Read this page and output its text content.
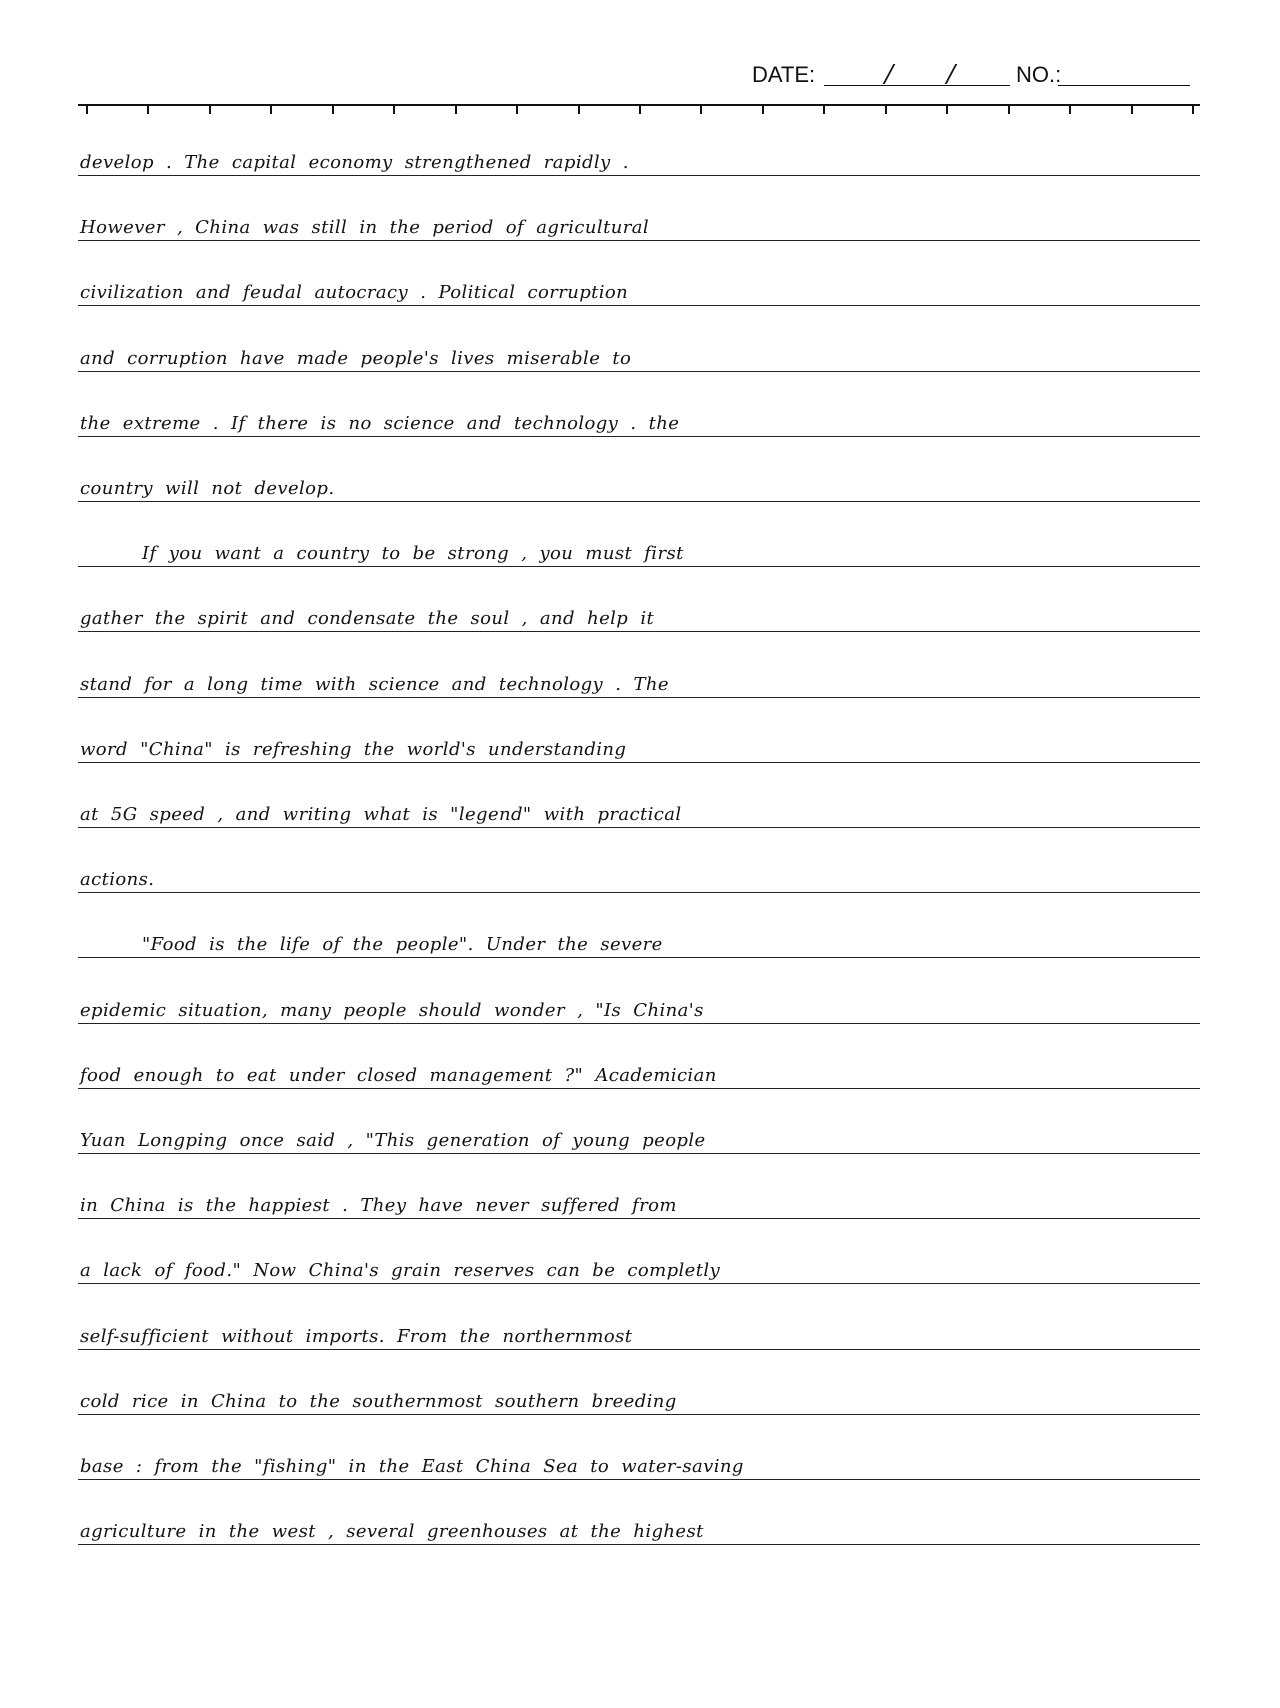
DATE:	NO.:
develop . The capital economy strengthened rapidly .
However , China was still in the period of agricultural
civilization and feudal autocracy . Political corruption
and corruption have made people's lives miserable to
the extreme . If there is no science and technology . the
country will not develop.
If you want a country to be strong , you must first
gather the spirit and condensate the soul , and help it
stand for a long time with science and technology . The
word "China" is refreshing the world's understanding
at 5G speed , and writing what is "legend" with practical
actions.
"Food is the life of the people". Under the severe
epidemic situation, many people should wonder , "Is China's
food enough to eat under closed management ?" Academician
Yuan Longping once said , "This generation of young people
in China is the happiest . They have never suffered from
a lack of food." Now China's grain reserves can be completly
self-sufficient without imports. From the northernmost
cold rice in China to the southernmost southern breeding
base : from the "fishing" in the East China Sea to water-saving
agriculture in the west , several greenhouses at the highest
